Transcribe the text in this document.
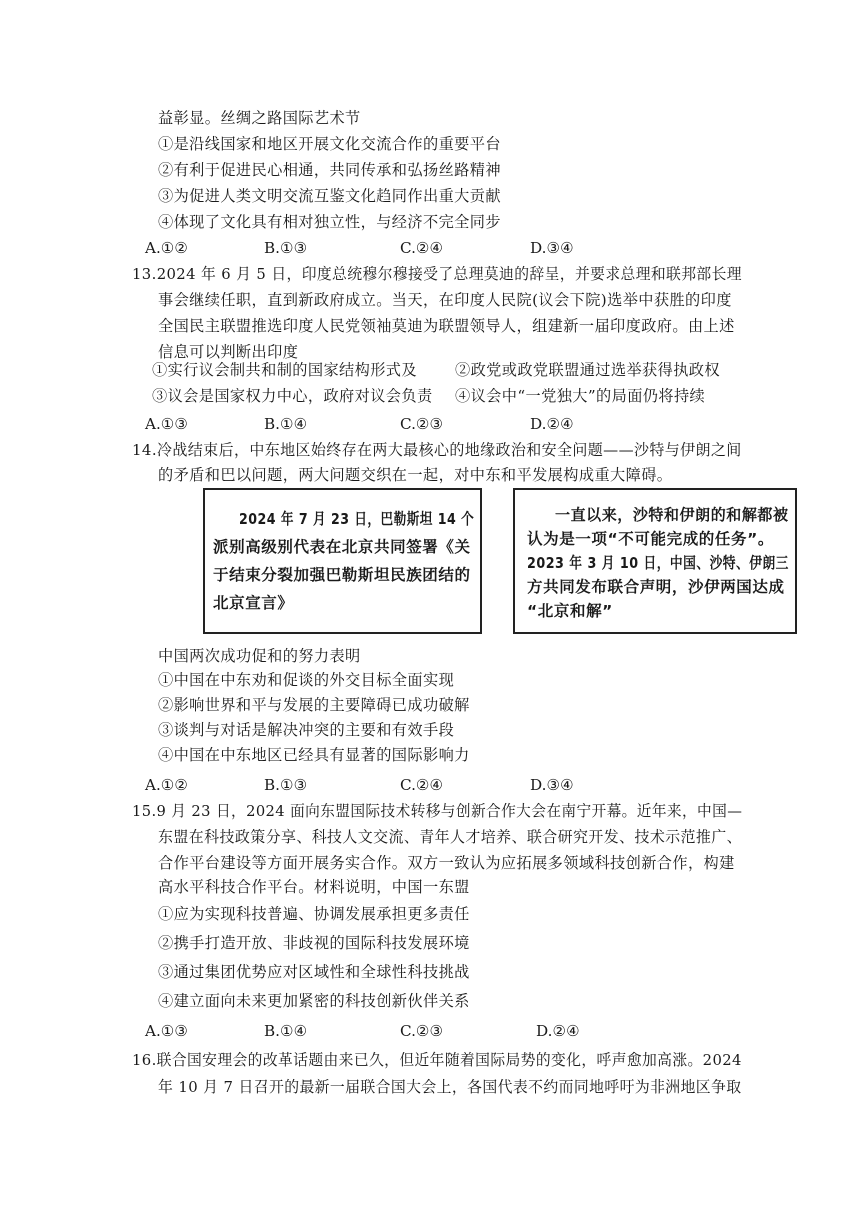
益彰显。丝绸之路国际艺术节
①是沿线国家和地区开展文化交流合作的重要平台
②有利于促进民心相通，共同传承和弘扬丝路精神
③为促进人类文明交流互鉴文化趋同作出重大贡献
④体现了文化具有相对独立性，与经济不完全同步
A.①②	B.①③	C.②④	D.③④
13.2024 年 6 月 5 日，印度总统穆尔穆接受了总理莫迪的辞呈，并要求总理和联邦部长理
事会继续任职，直到新政府成立。当天，在印度人民院(议会下院)选举中获胜的印度
全国民主联盟推选印度人民党领袖莫迪为联盟领导人，组建新一届印度政府。由上述
信息可以判断出印度
①实行议会制共和制的国家结构形式及	②政党或政党联盟通过选举获得执政权
③议会是国家权力中心，政府对议会负责 ④议会中“一党独大”的局面仍将持续
A.①③	B.①④	C.②③	D.②④
14.冷战结束后，中东地区始终存在两大最核心的地缘政治和安全问题——沙特与伊朗之间
的矛盾和巴以问题，两大问题交织在一起，对中东和平发展构成重大障碍。
2024 年 7 月 23 日，巴勒斯坦 14 个
派别高级别代表在北京共同签署《关
于结束分裂加强巴勒斯坦民族团结的
北京宣言》
一直以来，沙特和伊朗的和解都被
认为是一项“不可能完成的任务”。
2023 年 3 月 10 日，中国、沙特、伊朗三
方共同发布联合声明，沙伊两国达成
“北京和解”
中国两次成功促和的努力表明
①中国在中东劝和促谈的外交目标全面实现
②影响世界和平与发展的主要障碍已成功破解
③谈判与对话是解决冲突的主要和有效手段
④中国在中东地区已经具有显著的国际影响力
A.①②	B.①③	C.②④	D.③④
15.9 月 23 日，2024 面向东盟国际技术转移与创新合作大会在南宁开幕。近年来，中国—
东盟在科技政策分享、科技人文交流、青年人才培养、联合研究开发、技术示范推广、
合作平台建设等方面开展务实合作。双方一致认为应拓展多领域科技创新合作，构建
高水平科技合作平台。材料说明，中国一东盟
①应为实现科技普遍、协调发展承担更多责任
②携手打造开放、非歧视的国际科技发展环境
③通过集团优势应对区域性和全球性科技挑战
④建立面向未来更加紧密的科技创新伙伴关系
A.①③	B.①④	C.②③	D.②④
16.联合国安理会的改革话题由来已久，但近年随着国际局势的变化，呼声愈加高涨。2024
年 10 月 7 日召开的最新一届联合国大会上，各国代表不约而同地呼吁为非洲地区争取
